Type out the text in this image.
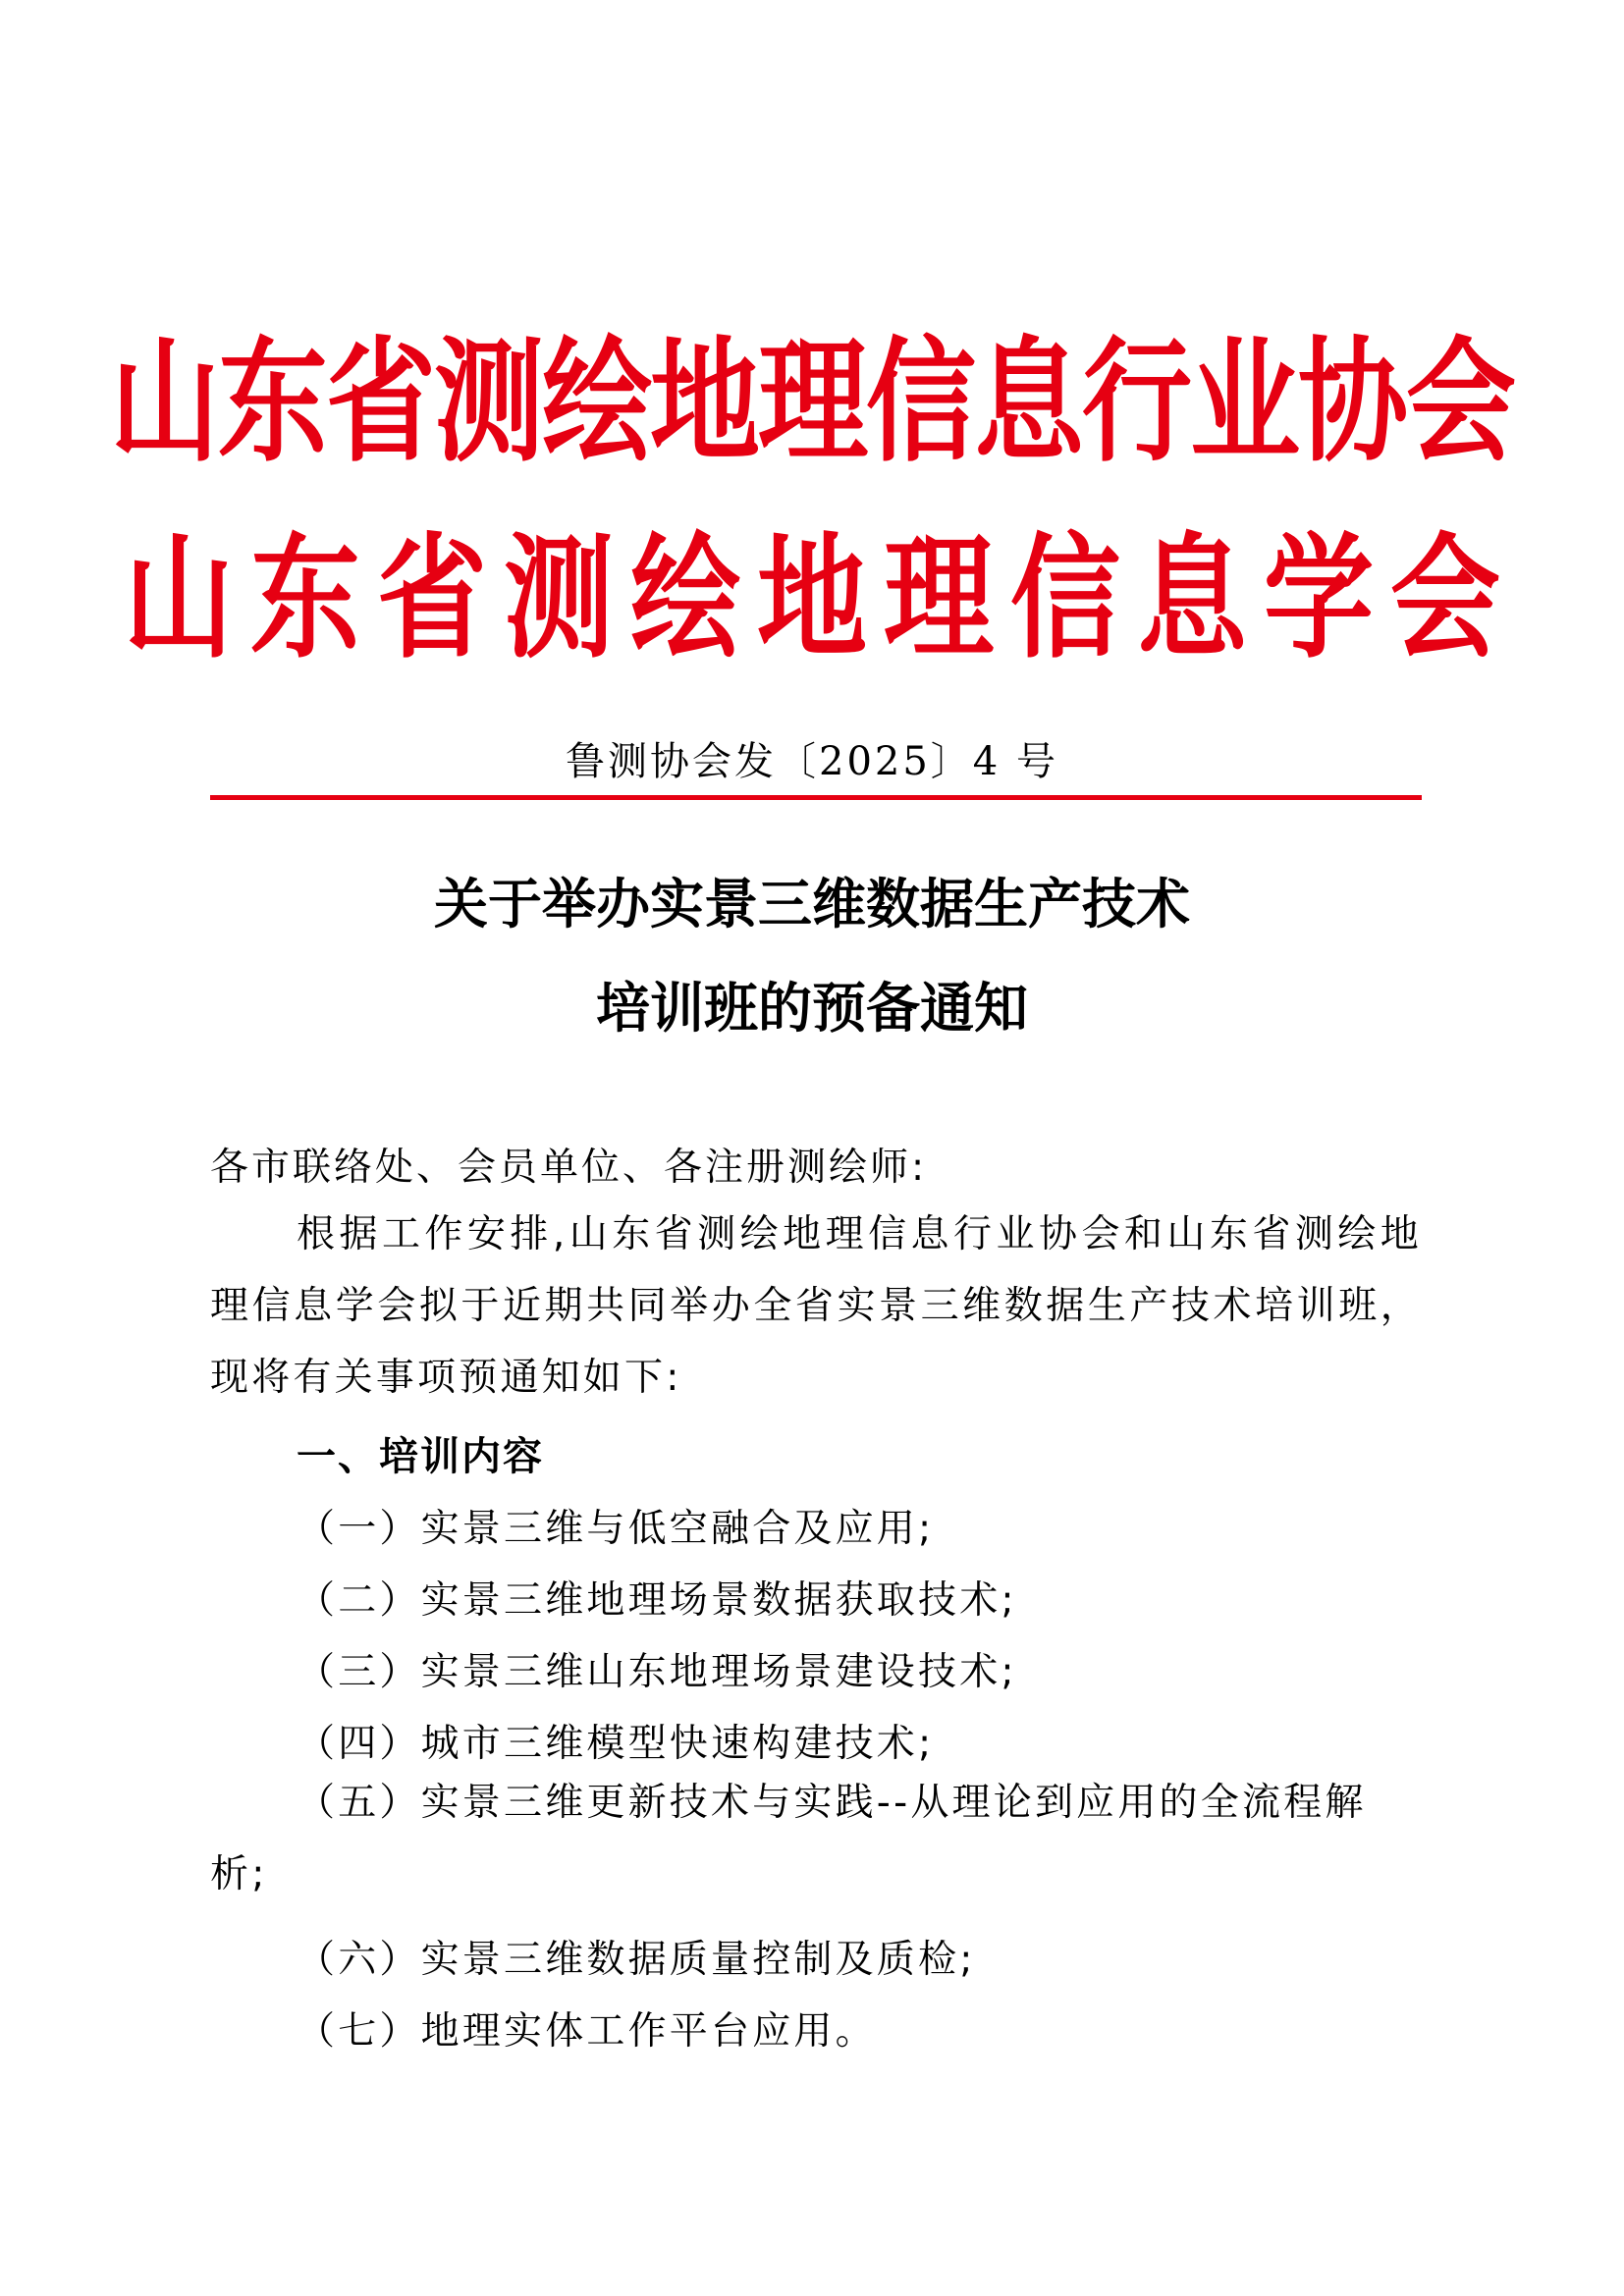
山东省测绘地理信息行业协会
山东省测绘地理信息学会
鲁测协会发〔2025〕4 号
关于举办实景三维数据生产技术
培训班的预备通知
各市联络处、会员单位、各注册测绘师:
根据工作安排,山东省测绘地理信息行业协会和山东省测绘地理信息学会拟于近期共同举办全省实景三维数据生产技术培训班，现将有关事项预通知如下:
一、培训内容
（一）实景三维与低空融合及应用;
（二）实景三维地理场景数据获取技术;
（三）实景三维山东地理场景建设技术;
（四）城市三维模型快速构建技术;
（五）实景三维更新技术与实践--从理论到应用的全流程解析;
（六）实景三维数据质量控制及质检;
（七）地理实体工作平台应用。
